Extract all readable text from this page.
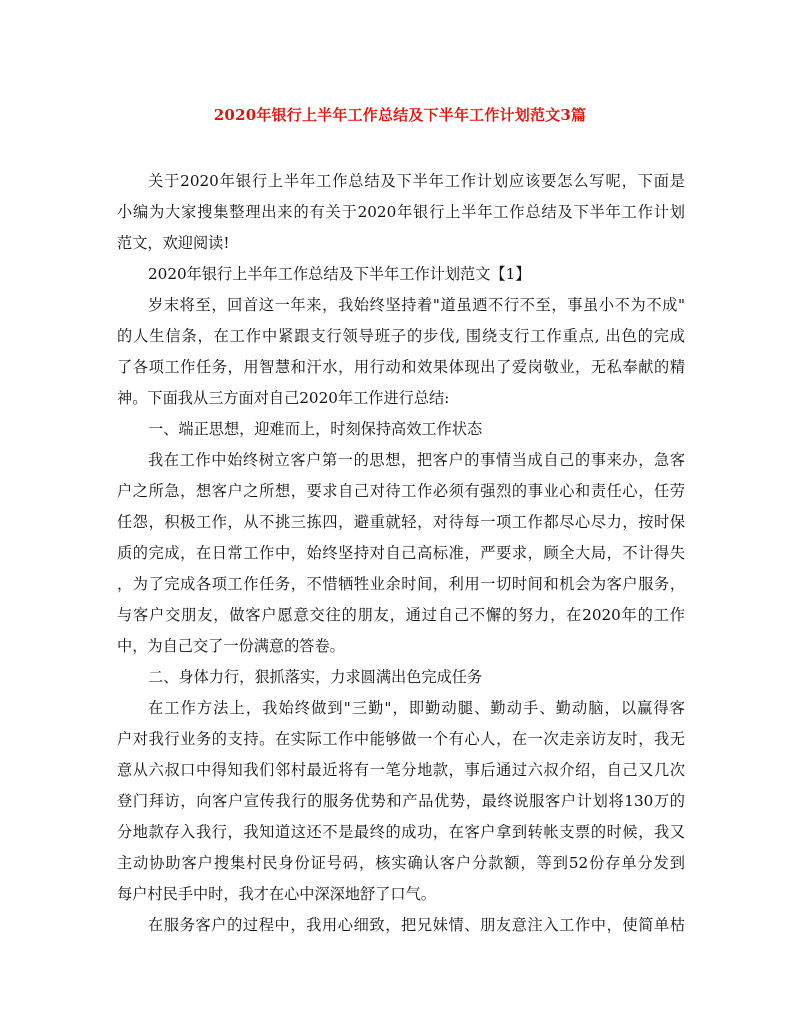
2020年银行上半年工作总结及下半年工作计划范文3篇
关于2020年银行上半年工作总结及下半年工作计划应该要怎么写呢，下面是
小编为大家搜集整理出来的有关于2020年银行上半年工作总结及下半年工作计划
范文，欢迎阅读!
2020年银行上半年工作总结及下半年工作计划范文【1】
岁末将至，回首这一年来，我始终坚持着"道虽迺不行不至，事虽小不为不成"
的人生信条，在工作中紧跟支行领导班子的步伐, 围绕支行工作重点, 出色的完成
了各项工作任务，用智慧和汗水，用行动和效果体现出了爱岗敬业，无私奉献的精
神。下面我从三方面对自己2020年工作进行总结:
一、端正思想，迎难而上，时刻保持高效工作状态
我在工作中始终树立客户第一的思想，把客户的事情当成自己的事来办，急客
户之所急，想客户之所想，要求自己对待工作必须有强烈的事业心和责任心，任劳
任怨，积极工作，从不挑三拣四，避重就轻，对待每一项工作都尽心尽力，按时保
质的完成，在日常工作中，始终坚持对自己高标准，严要求，顾全大局，不计得失
，为了完成各项工作任务，不惜牺牲业余时间，利用一切时间和机会为客户服务，
与客户交朋友，做客户愿意交往的朋友，通过自己不懈的努力，在2020年的工作
中，为自己交了一份满意的答卷。
二、身体力行，狠抓落实，力求圆满出色完成任务
在工作方法上，我始终做到"三勤"，即勤动腿、勤动手、勤动脑，以赢得客
户对我行业务的支持。在实际工作中能够做一个有心人，在一次走亲访友时，我无
意从六叔口中得知我们邻村最近将有一笔分地款，事后通过六叔介绍，自己又几次
登门拜访，向客户宣传我行的服务优势和产品优势，最终说服客户计划将130万的
分地款存入我行，我知道这还不是最终的成功，在客户拿到转帐支票的时候，我又
主动协助客户搜集村民身份证号码，核实确认客户分款额，等到52份存单分发到
每户村民手中时，我才在心中深深地舒了口气。
在服务客户的过程中，我用心细致，把兄妹情、朋友意注入工作中，使简单枯
